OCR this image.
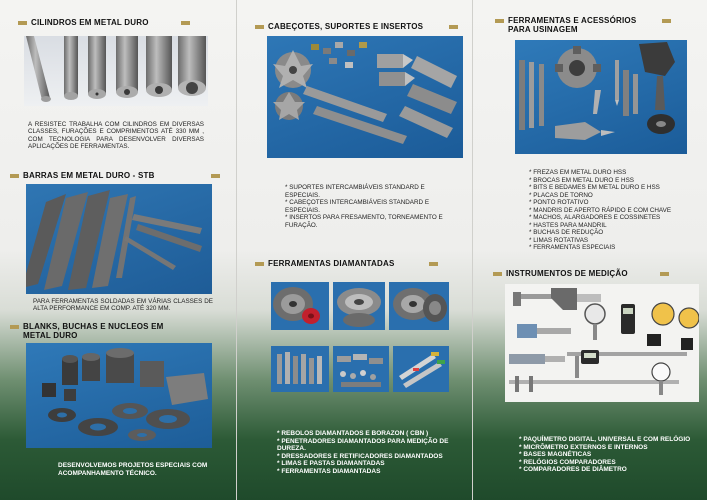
CILINDROS EM METAL DURO
A RESISTEC TRABALHA COM CILINDROS EM DIVERSAS CLASSES, FURAÇÕES E COMPRIMENTOS ATÉ 330 MM , COM TECNOLOGIA PARA DESENVOLVER DIVERSAS APLICAÇÕES DE FERRAMENTAS.
BARRAS EM METAL DURO - STB
PARA FERRAMENTAS SOLDADAS EM VÁRIAS CLASSES DE ALTA PERFORMANCE EM COMP. ATÉ 320 MM.
BLANKS, BUCHAS E NUCLEOS EM
METAL DURO
DESENVOLVEMOS PROJETOS ESPECIAIS COM ACOMPANHAMENTO TÉCNICO.
CABEÇOTES, SUPORTES E INSERTOS
* SUPORTES INTERCAMBIÁVEIS STANDARD E ESPECIAIS.
* CABEÇOTES INTERCAMBIÁVEIS STANDARD E ESPECIAIS.
* INSERTOS PARA FRESAMENTO, TORNEAMENTO E FURAÇÃO.
FERRAMENTAS DIAMANTADAS
* REBOLOS DIAMANTADOS E BORAZON ( CBN )
* PENETRADORES DIAMANTADOS PARA MEDIÇÃO DE DUREZA.
* DRESSADORES E RETIFICADORES DIAMANTADOS
* LIMAS E PASTAS DIAMANTADAS
* FERRAMENTAS DIAMANTADAS
FERRAMENTAS E ACESSÓRIOS
PARA USINAGEM
* FREZAS EM METAL DURO HSS
* BROCAS EM METAL DURO E HSS
* BITS E BEDAMES EM METAL DURO E HSS
* PLACAS DE TORNO
* PONTO ROTATIVO
* MANDRIS DE APERTO RÁPIDO E COM CHAVE
* MACHOS, ALARGADORES E COSSINETES
* HASTES PARA MANDRIL
* BUCHAS DE REDUÇÃO
* LIMAS ROTATIVAS
* FERRAMENTAS ESPECIAIS
INSTRUMENTOS DE MEDIÇÃO
* PAQUÍMETRO DIGITAL, UNIVERSAL E COM RELÓGIO
* MICRÔMETRO EXTERNOS E INTERNOS
* BASES MAGNÉTICAS
* RELÓGIOS COMPARADORES
* COMPARADORES DE DIÂMETRO
